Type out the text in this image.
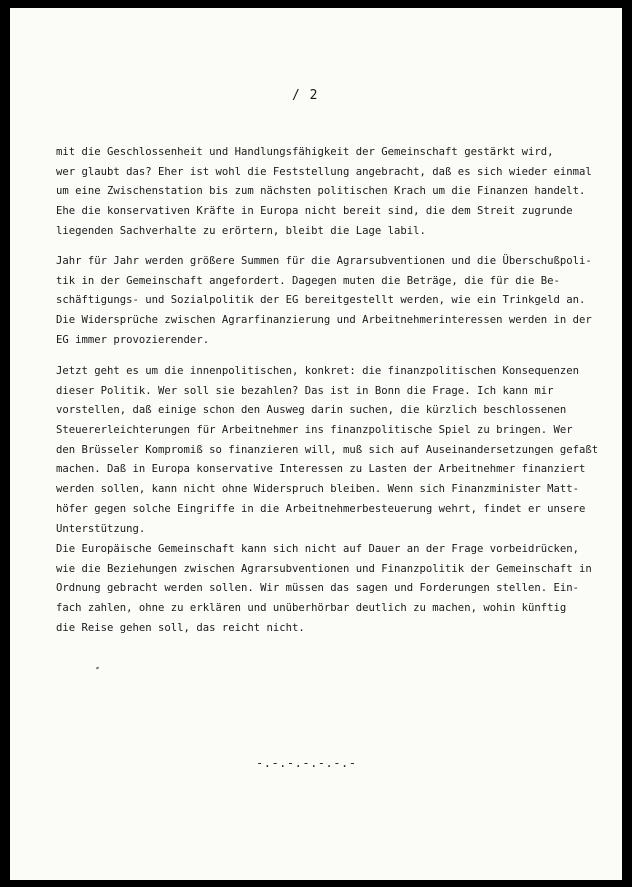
/ 2
mit die Geschlossenheit und Handlungsfähigkeit der Gemeinschaft gestärkt wird,
wer glaubt das? Eher ist wohl die Feststellung angebracht, daß es sich wieder einmal
um eine Zwischenstation bis zum nächsten politischen Krach um die Finanzen handelt.
Ehe die konservativen Kräfte in Europa nicht bereit sind, die dem Streit zugrunde
liegenden Sachverhalte zu erörtern, bleibt die Lage labil.
Jahr für Jahr werden größere Summen für die Agrarsubventionen und die Überschußpoli-
tik in der Gemeinschaft angefordert. Dagegen muten die Beträge, die für die Be-
schäftigungs- und Sozialpolitik der EG bereitgestellt werden, wie ein Trinkgeld an.
Die Widersprüche zwischen Agrarfinanzierung und Arbeitnehmerinteressen werden in der
EG immer provozierender.
Jetzt geht es um die innenpolitischen, konkret: die finanzpolitischen Konsequenzen
dieser Politik. Wer soll sie bezahlen? Das ist in Bonn die Frage. Ich kann mir
vorstellen, daß einige schon den Ausweg darin suchen, die kürzlich beschlossenen
Steuererleichterungen für Arbeitnehmer ins finanzpolitische Spiel zu bringen. Wer
den Brüsseler Kompromiß so finanzieren will, muß sich auf Auseinandersetzungen gefaßt
machen. Daß in Europa konservative Interessen zu Lasten der Arbeitnehmer finanziert
werden sollen, kann nicht ohne Widerspruch bleiben. Wenn sich Finanzminister Matt-
höfer gegen solche Eingriffe in die Arbeitnehmerbesteuerung wehrt, findet er unsere
Unterstützung.
Die Europäische Gemeinschaft kann sich nicht auf Dauer an der Frage vorbeidrücken,
wie die Beziehungen zwischen Agrarsubventionen und Finanzpolitik der Gemeinschaft in
Ordnung gebracht werden sollen. Wir müssen das sagen und Forderungen stellen. Ein-
fach zahlen, ohne zu erklären und unüberhörbar deutlich zu machen, wohin künftig
die Reise gehen soll, das reicht nicht.
-.-.-.-.-.-.-
